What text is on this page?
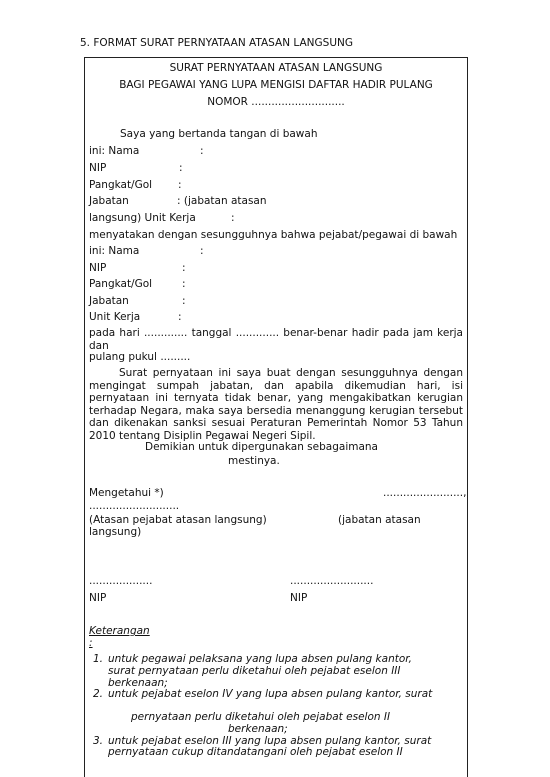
5. FORMAT SURAT PERNYATAAN ATASAN LANGSUNG
SURAT PERNYATAAN ATASAN LANGSUNG
BAGI PEGAWAI YANG LUPA MENGISI DAFTAR HADIR PULANG
NOMOR ............................
Saya yang bertanda tangan di bawah
ini: Nama	:
NIP	:
Pangkat/Gol :
Jabatan	: (jabatan atasan
langsung) Unit Kerja	:
menyatakan dengan sesungguhnya bahwa pejabat/pegawai di bawah
ini: Nama	:
NIP	:
Pangkat/Gol	:
Jabatan	:
Unit Kerja	:
pada hari ............. tanggal ............. benar-benar hadir pada jam kerja dan
pulang pukul .........
Surat pernyataan ini saya buat dengan sesungguhnya dengan mengingat sumpah jabatan, dan apabila dikemudian hari, isi pernyataan ini ternyata tidak benar, yang mengakibatkan kerugian terhadap Negara, maka saya bersedia menanggung kerugian tersebut dan dikenakan sanksi sesuai Peraturan Pemerintah Nomor 53 Tahun 2010 tentang Disiplin Pegawai Negeri Sipil.
Demikian untuk dipergunakan sebagaimana
mestinya.
Mengetahui *)	........................,
...........................
(Atasan pejabat atasan langsung)	(jabatan atasan
langsung)
...................	.........................
NIP	NIP
Keterangan
:
1. untuk pegawai pelaksana yang lupa absen pulang kantor,
surat pernyataan perlu diketahui oleh pejabat eselon III
berkenaan;
2. untuk pejabat eselon IV yang lupa absen pulang kantor, surat
pernyataan perlu diketahui oleh pejabat eselon II
berkenaan;
3. untuk pejabat eselon III yang lupa absen pulang kantor, surat
pernyataan cukup ditandatangani oleh pejabat eselon II
